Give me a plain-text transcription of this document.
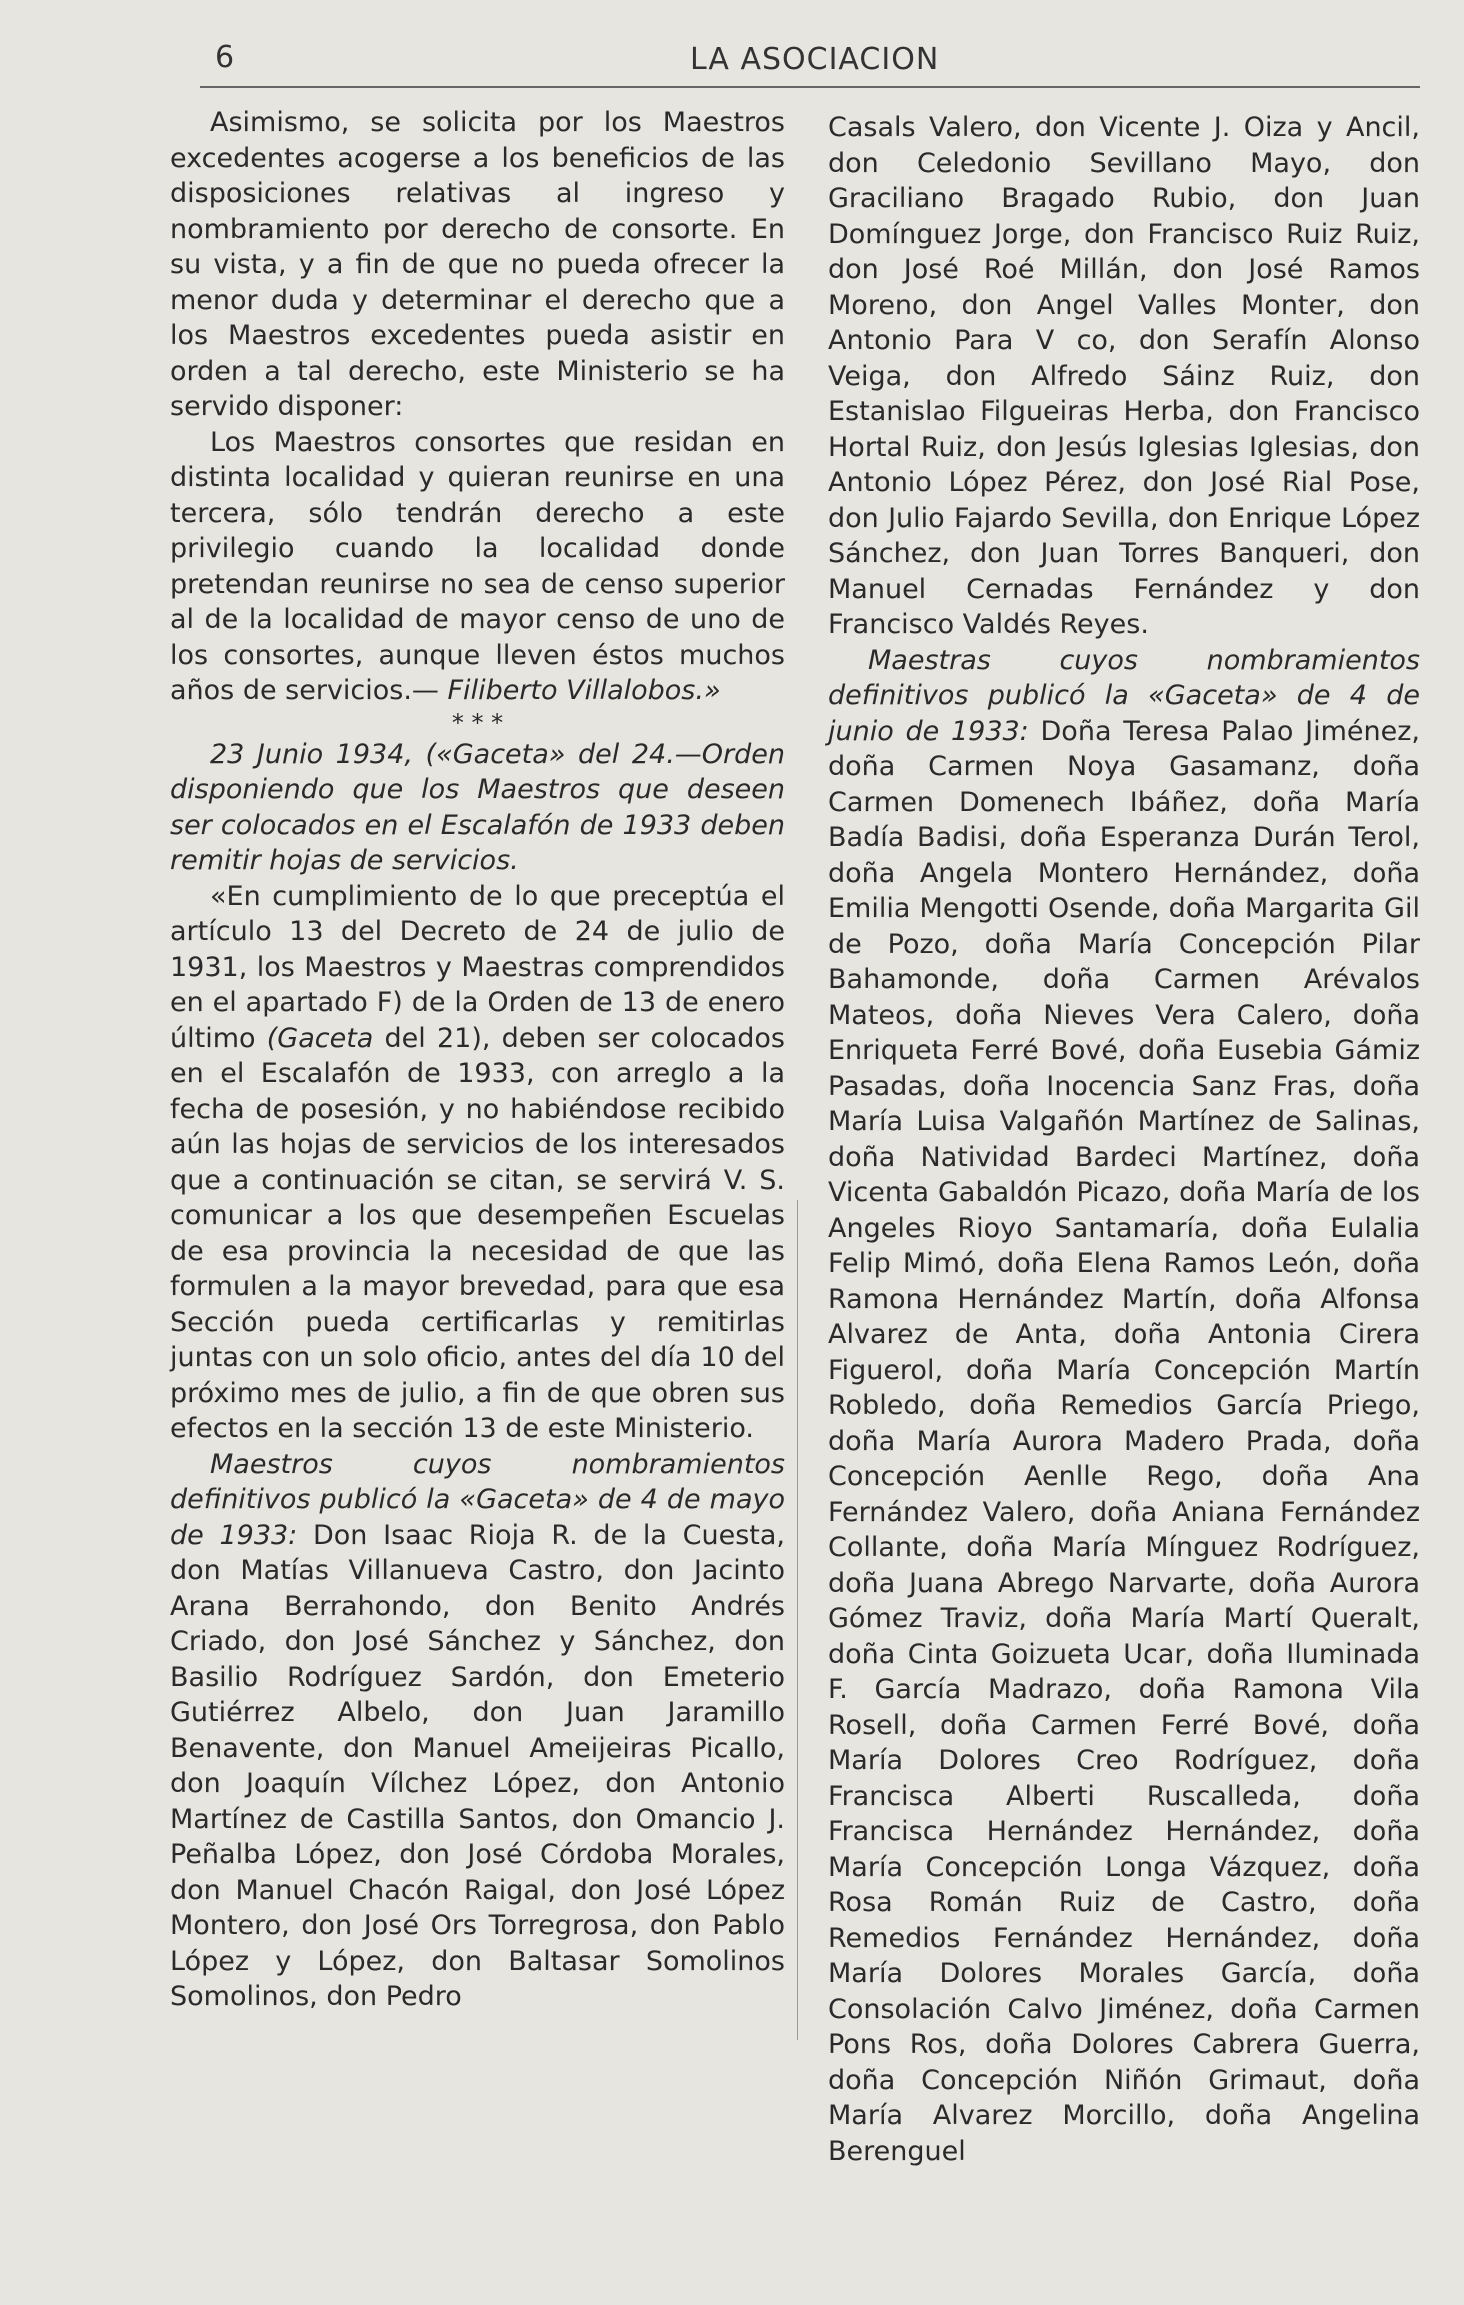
6	LA ASOCIACION

Asimismo, se solicita por los Maestros excedentes acogerse a los beneficios de las disposiciones relativas al ingreso y nombramiento por derecho de consorte. En su vista, y a fin de que no pueda ofrecer la menor duda y determinar el derecho que a los Maestros excedentes pueda asistir en orden a tal derecho, este Ministerio se ha servido disponer:

Los Maestros consortes que residan en distinta localidad y quieran reunirse en una tercera, sólo tendrán derecho a este privilegio cuando la localidad donde pretendan reunirse no sea de censo superior al de la localidad de mayor censo de uno de los consortes, aunque lleven éstos muchos años de servicios.— Filiberto Villalobos.»

* * *

23 Junio 1934, («Gaceta» del 24.—Orden disponiendo que los Maestros que deseen ser colocados en el Escalafón de 1933 deben remitir hojas de servicios.

«En cumplimiento de lo que preceptúa el artículo 13 del Decreto de 24 de julio de 1931, los Maestros y Maestras comprendidos en el apartado F) de la Orden de 13 de enero último (Gaceta del 21), deben ser colocados en el Escalafón de 1933, con arreglo a la fecha de posesión, y no habiéndose recibido aún las hojas de servicios de los interesados que a continuación se citan, se servirá V. S. comunicar a los que desempeñen Escuelas de esa provincia la necesidad de que las formulen a la mayor brevedad, para que esa Sección pueda certificarlas y remitirlas juntas con un solo oficio, antes del día 10 del próximo mes de julio, a fin de que obren sus efectos en la sección 13 de este Ministerio.

Maestros cuyos nombramientos definitivos publicó la «Gaceta» de 4 de mayo de 1933: Don Isaac Rioja R. de la Cuesta, don Matías Villanueva Castro, don Jacinto Arana Berrahondo, don Benito Andrés Criado, don José Sánchez y Sánchez, don Basilio Rodríguez Sardón, don Emeterio Gutiérrez Albelo, don Juan Jaramillo Benavente, don Manuel Ameijeiras Picallo, don Joaquín Vílchez López, don Antonio Martínez de Castilla Santos, don Omancio J. Peñalba López, don José Córdoba Morales, don Manuel Chacón Raigal, don José López Montero, don José Ors Torregrosa, don Pablo López y López, don Baltasar Somolinos Somolinos, don Pedro

Casals Valero, don Vicente J. Oiza y Ancil, don Celedonio Sevillano Mayo, don Graciliano Bragado Rubio, don Juan Domínguez Jorge, don Francisco Ruiz Ruiz, don José Roé Millán, don José Ramos Moreno, don Angel Valles Monter, don Antonio Para V co, don Serafín Alonso Veiga, don Alfredo Sáinz Ruiz, don Estanislao Filgueiras Herba, don Francisco Hortal Ruiz, don Jesús Iglesias Iglesias, don Antonio López Pérez, don José Rial Pose, don Julio Fajardo Sevilla, don Enrique López Sánchez, don Juan Torres Banqueri, don Manuel Cernadas Fernández y don Francisco Valdés Reyes.

Maestras cuyos nombramientos definitivos publicó la «Gaceta» de 4 de junio de 1933: Doña Teresa Palao Jiménez, doña Carmen Noya Gasamanz, doña Carmen Domenech Ibáñez, doña María Badía Badisi, doña Esperanza Durán Terol, doña Angela Montero Hernández, doña Emilia Mengotti Osende, doña Margarita Gil de Pozo, doña María Concepción Pilar Bahamonde, doña Carmen Arévalos Mateos, doña Nieves Vera Calero, doña Enriqueta Ferré Bové, doña Eusebia Gámiz Pasadas, doña Inocencia Sanz Fras, doña María Luisa Valgañón Martínez de Salinas, doña Natividad Bardeci Martínez, doña Vicenta Gabaldón Picazo, doña María de los Angeles Rioyo Santamaría, doña Eulalia Felip Mimó, doña Elena Ramos León, doña Ramona Hernández Martín, doña Alfonsa Alvarez de Anta, doña Antonia Cirera Figuerol, doña María Concepción Martín Robledo, doña Remedios García Priego, doña María Aurora Madero Prada, doña Concepción Aenlle Rego, doña Ana Fernández Valero, doña Aniana Fernández Collante, doña María Mínguez Rodríguez, doña Juana Abrego Narvarte, doña Aurora Gómez Traviz, doña María Martí Queralt, doña Cinta Goizueta Ucar, doña Iluminada F. García Madrazo, doña Ramona Vila Rosell, doña Carmen Ferré Bové, doña María Dolores Creo Rodríguez, doña Francisca Alberti Ruscalleda, doña Francisca Hernández Hernández, doña María Concepción Longa Vázquez, doña Rosa Román Ruiz de Castro, doña Remedios Fernández Hernández, doña María Dolores Morales García, doña Consolación Calvo Jiménez, doña Carmen Pons Ros, doña Dolores Cabrera Guerra, doña Concepción Niñón Grimaut, doña María Alvarez Morcillo, doña Angelina Berenguel
